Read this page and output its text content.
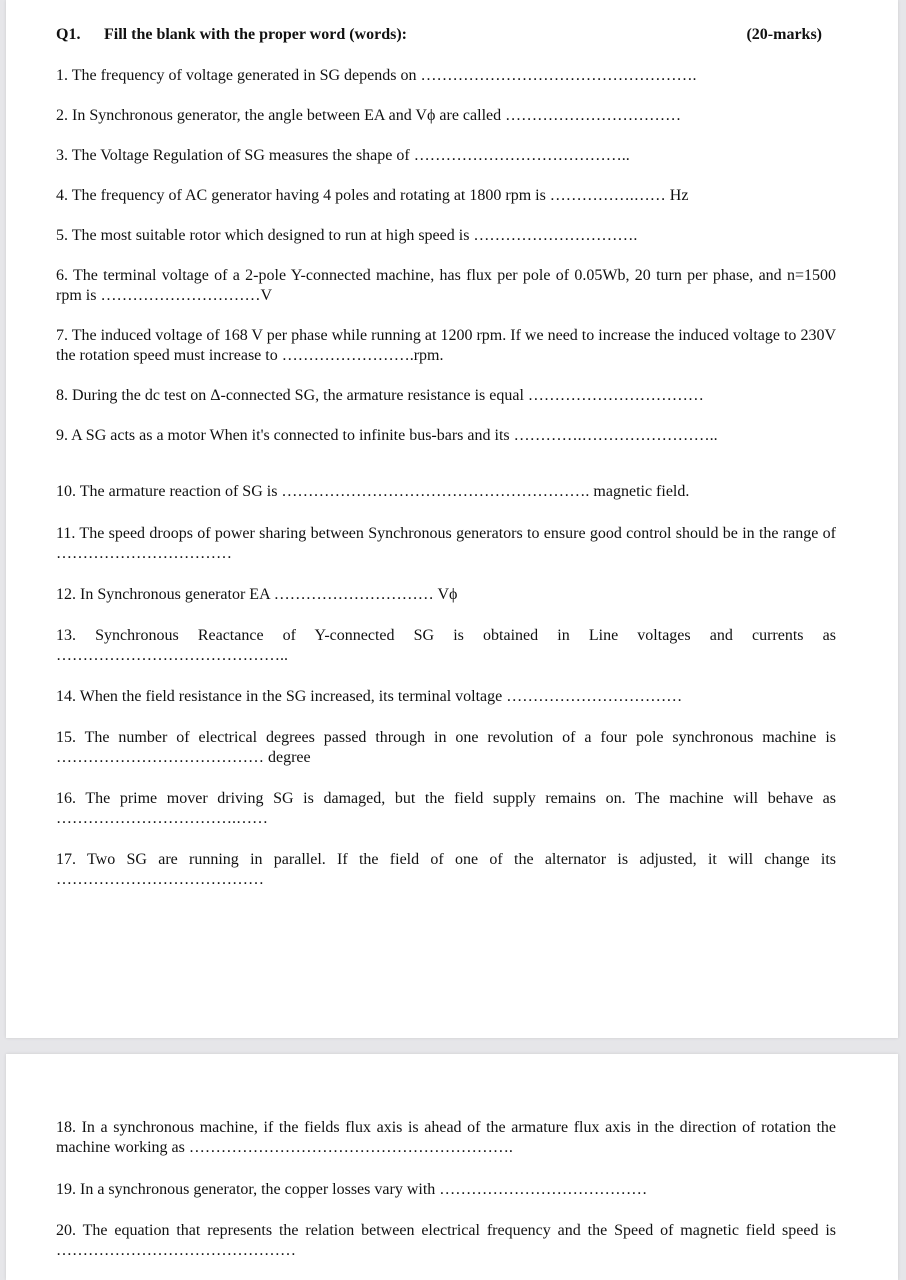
Q1. Fill the blank with the proper word (words):	(20-marks)
1. The frequency of voltage generated in SG depends on …………………………………………….
2. In Synchronous generator, the angle between EA and Vϕ are called ……………………………
3. The Voltage Regulation of SG measures the shape of …………………………………..
4. The frequency of AC generator having 4 poles and rotating at 1800 rpm is …………….…… Hz
5. The most suitable rotor which designed to run at high speed is ………………………….
6. The terminal voltage of a 2-pole Y-connected machine, has flux per pole of 0.05Wb, 20 turn per phase, and n=1500 rpm is …………………………V
7. The induced voltage of 168 V per phase while running at 1200 rpm. If we need to increase the induced voltage to 230V the rotation speed must increase to …………………….rpm.
8. During the dc test on Δ-connected SG, the armature resistance is equal ……………………………
9. A SG acts as a motor When it's connected to infinite bus-bars and its ………….……………………..
10. The armature reaction of SG is …………………………………………………. magnetic field.
11. The speed droops of power sharing between Synchronous generators to ensure good control should be in the range of ……………………………
12. In Synchronous generator EA ………………………… Vϕ
13. Synchronous Reactance of Y-connected SG is obtained in Line voltages and currents as ……………………………………..
14. When the field resistance in the SG increased, its terminal voltage ……………………………
15. The number of electrical degrees passed through in one revolution of a four pole synchronous machine is ………………………………… degree
16. The prime mover driving SG is damaged, but the field supply remains on. The machine will behave as …………………………….……
17. Two SG are running in parallel. If the field of one of the alternator is adjusted, it will change its …………………………………
18. In a synchronous machine, if the fields flux axis is ahead of the armature flux axis in the direction of rotation the machine working as …………………………………………………….
19. In a synchronous generator, the copper losses vary with …………………………………
20. The equation that represents the relation between electrical frequency and the Speed of magnetic field speed is ………………………………………
